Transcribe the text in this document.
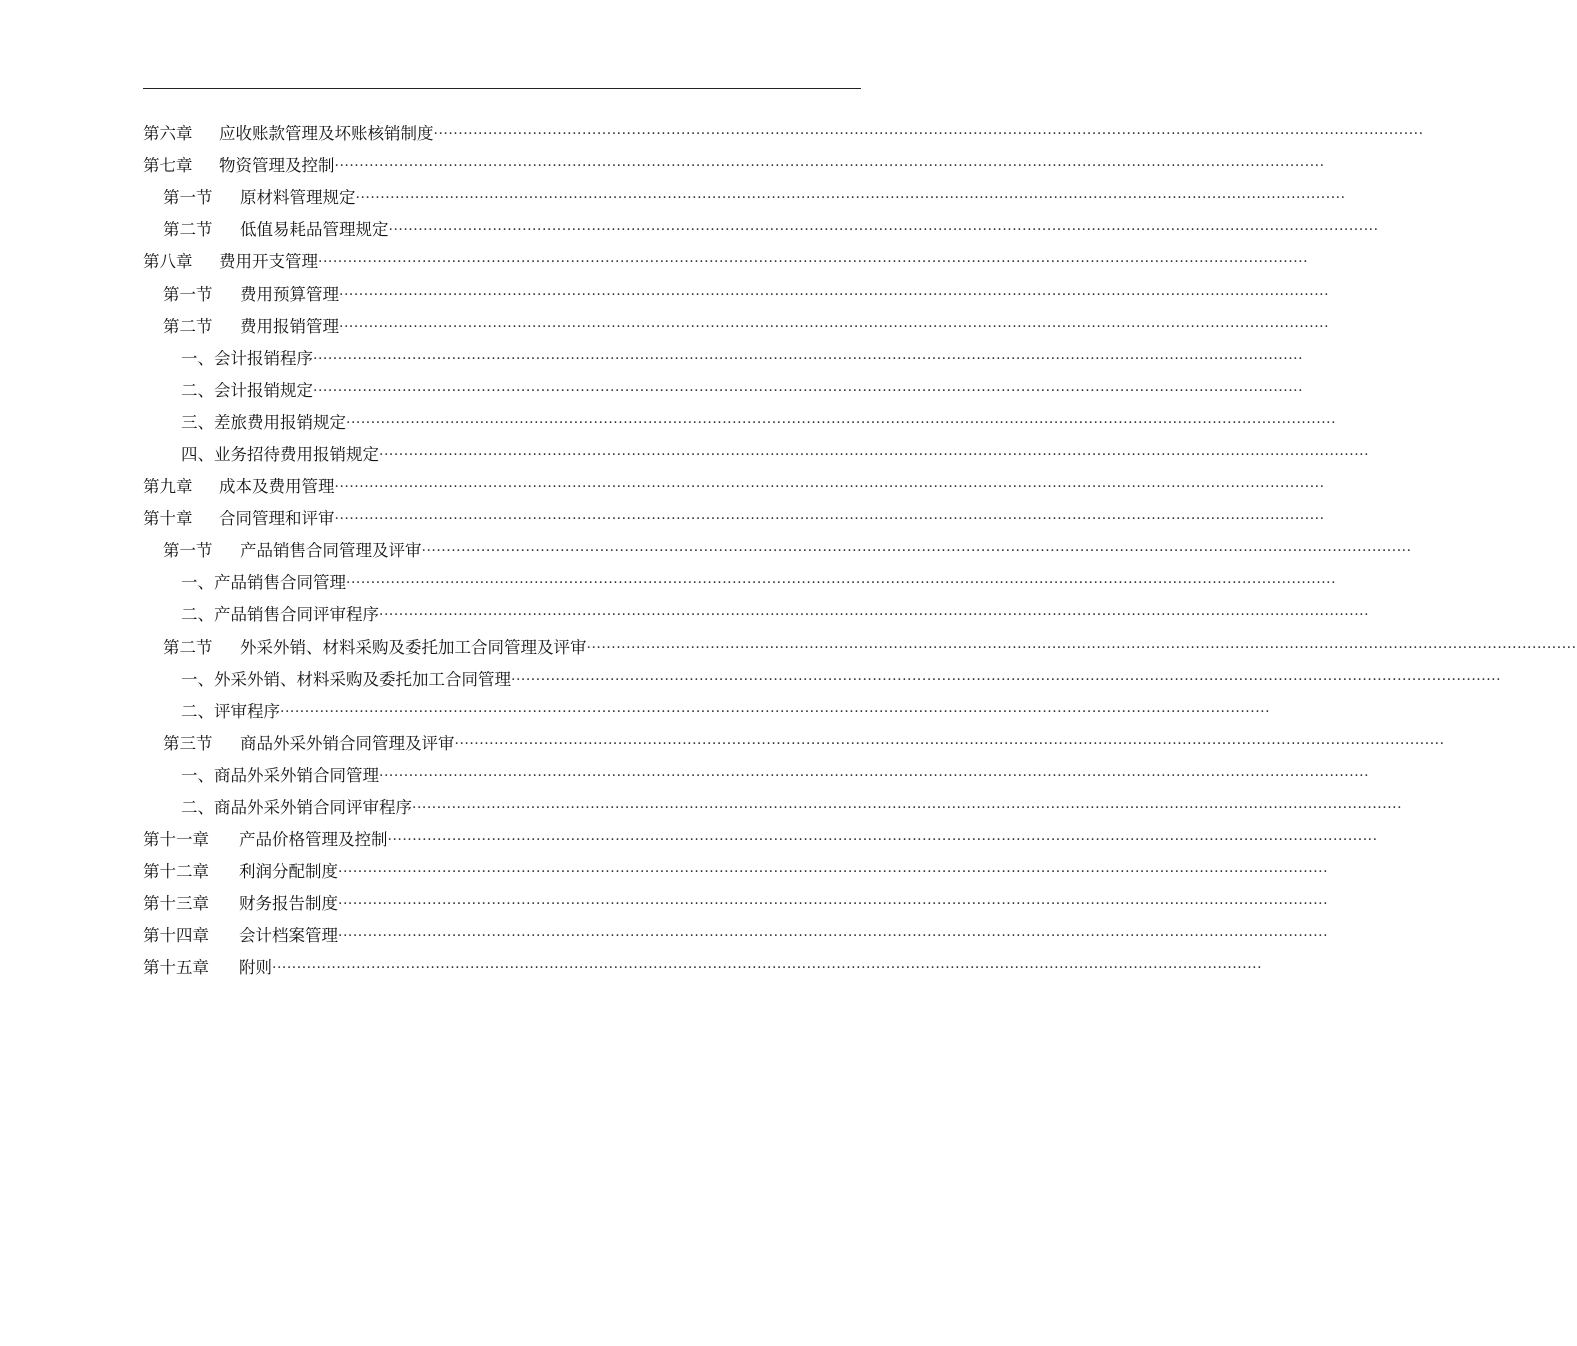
第六章	应收账款管理及坏账核销制度 ········································································································································································································
第七章	物资管理及控制 ········································································································································································································
第一节	原材料管理规定 ········································································································································································································
第二节	低值易耗品管理规定 ········································································································································································································
第八章	费用开支管理 ········································································································································································································
第一节	费用预算管理 ········································································································································································································
第二节	费用报销管理 ········································································································································································································
一、会计报销程序 ········································································································································································································
二、会计报销规定 ········································································································································································································
三、差旅费用报销规定 ········································································································································································································
四、业务招待费用报销规定 ········································································································································································································
第九章	成本及费用管理 ········································································································································································································
第十章	合同管理和评审 ········································································································································································································
第一节	产品销售合同管理及评审 ········································································································································································································
一、产品销售合同管理 ········································································································································································································
二、产品销售合同评审程序 ········································································································································································································
第二节	外采外销、材料采购及委托加工合同管理及评审 ········································································································································································································
一、外采外销、材料采购及委托加工合同管理 ········································································································································································································
二、评审程序 ········································································································································································································
第三节	商品外采外销合同管理及评审 ········································································································································································································
一、商品外采外销合同管理 ········································································································································································································
二、商品外采外销合同评审程序 ········································································································································································································
第十一章	产品价格管理及控制 ········································································································································································································
第十二章	利润分配制度 ········································································································································································································
第十三章	财务报告制度 ········································································································································································································
第十四章	会计档案管理 ········································································································································································································
第十五章	附则 ········································································································································································································
